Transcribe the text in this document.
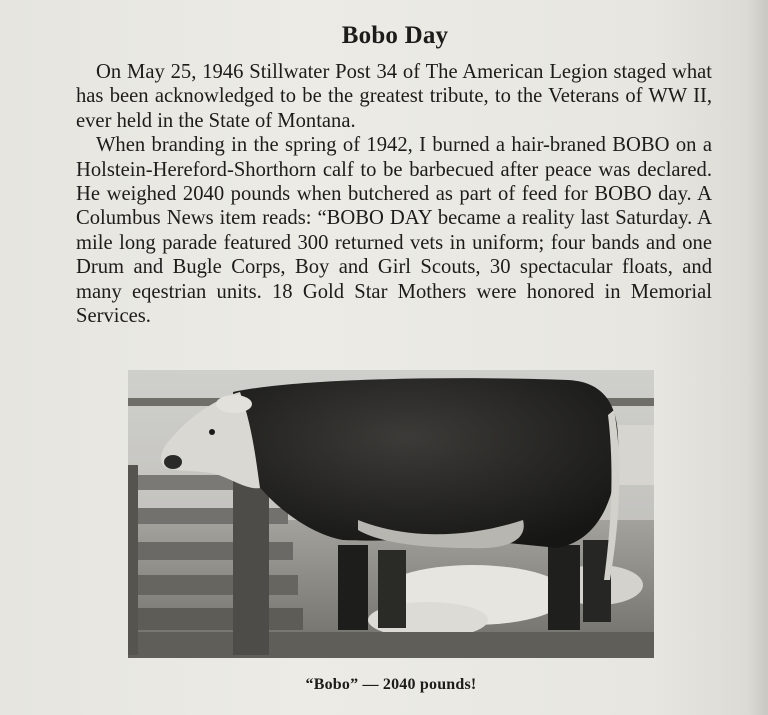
Bobo Day

On May 25, 1946 Stillwater Post 34 of The American Legion staged what has been acknowledged to be the greatest tribute, to the Veterans of WW II, ever held in the State of Montana.

When branding in the spring of 1942, I burned a hair-braned BOBO on a Holstein-Hereford-Shorthorn calf to be barbecued after peace was declared. He weighed 2040 pounds when butchered as part of feed for BOBO day. A Columbus News item reads: “BOBO DAY became a reality last Saturday. A mile long parade featured 300 returned vets in uniform; four bands and one Drum and Bugle Corps, Boy and Girl Scouts, 30 spectacular floats, and many eqestrian units. 18 Gold Star Mothers were honored in Memorial Services.

“Bobo” — 2040 pounds!
